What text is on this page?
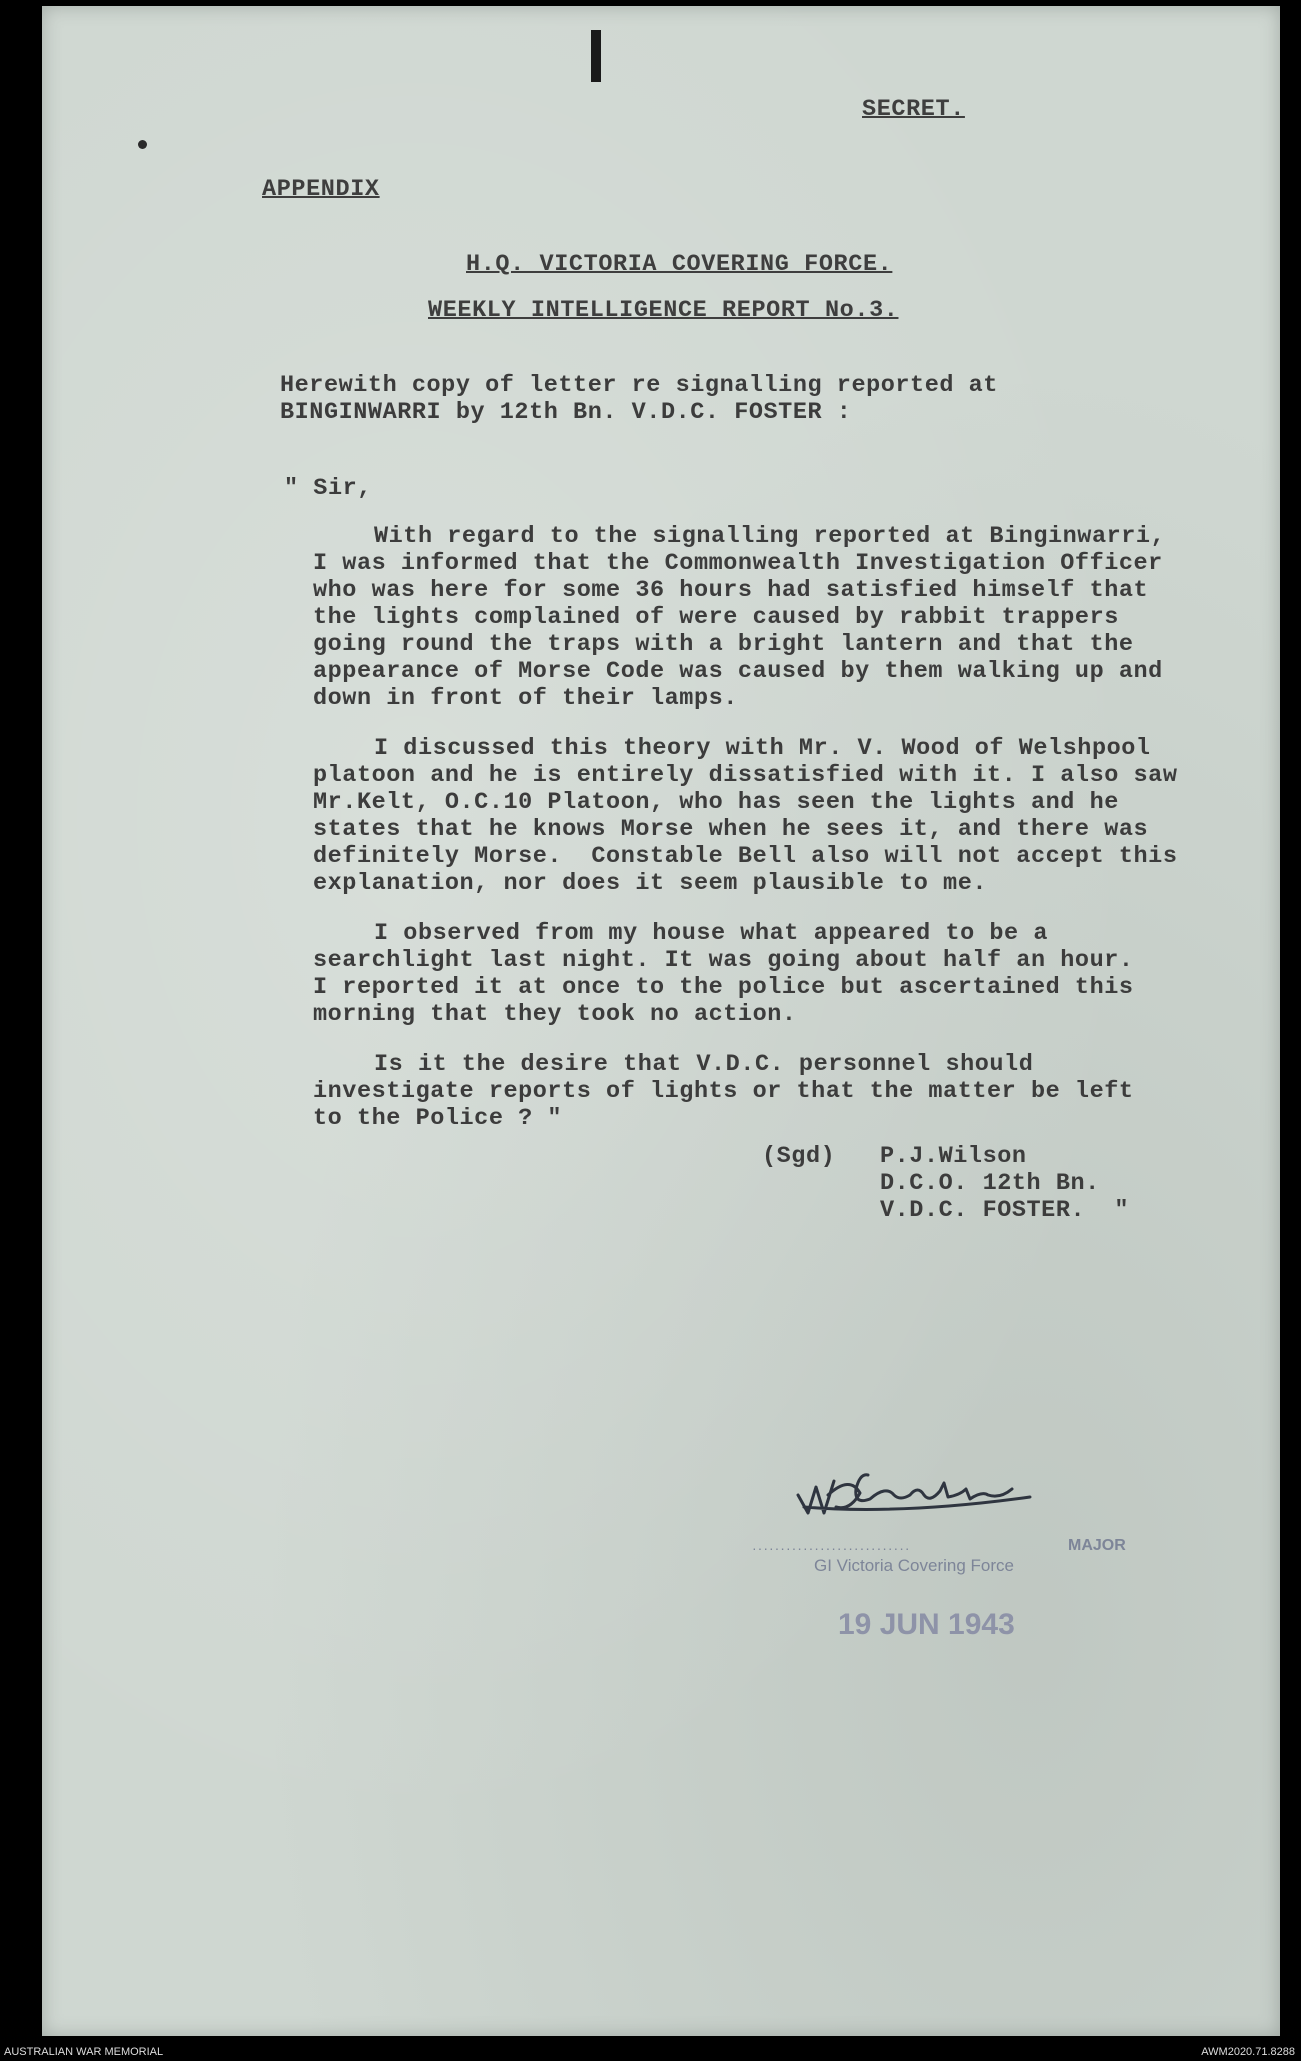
SECRET.
APPENDIX
H.Q. VICTORIA COVERING FORCE.
WEEKLY INTELLIGENCE REPORT No.3.
Herewith copy of letter re signalling reported at
BINGINWARRI by 12th Bn. V.D.C. FOSTER :
" Sir,
With regard to the signalling reported at Binginwarri,
I was informed that the Commonwealth Investigation Officer
who was here for some 36 hours had satisfied himself that
the lights complained of were caused by rabbit trappers
going round the traps with a bright lantern and that the
appearance of Morse Code was caused by them walking up and
down in front of their lamps.
I discussed this theory with Mr. V. Wood of Welshpool
platoon and he is entirely dissatisfied with it. I also saw
Mr.Kelt, O.C.10 Platoon, who has seen the lights and he
states that he knows Morse when he sees it, and there was
definitely Morse.  Constable Bell also will not accept this
explanation, nor does it seem plausible to me.
I observed from my house what appeared to be a
searchlight last night. It was going about half an hour.
I reported it at once to the police but ascertained this
morning that they took no action.
Is it the desire that V.D.C. personnel should
investigate reports of lights or that the matter be left
to the Police ? "
(Sgd) P.J.Wilson
D.C.O. 12th Bn.
V.D.C. FOSTER.  "
····························	MAJOR
GI Victoria Covering Force
19 JUN 1943
AUSTRALIAN WAR MEMORIAL	AWM2020.71.8288
